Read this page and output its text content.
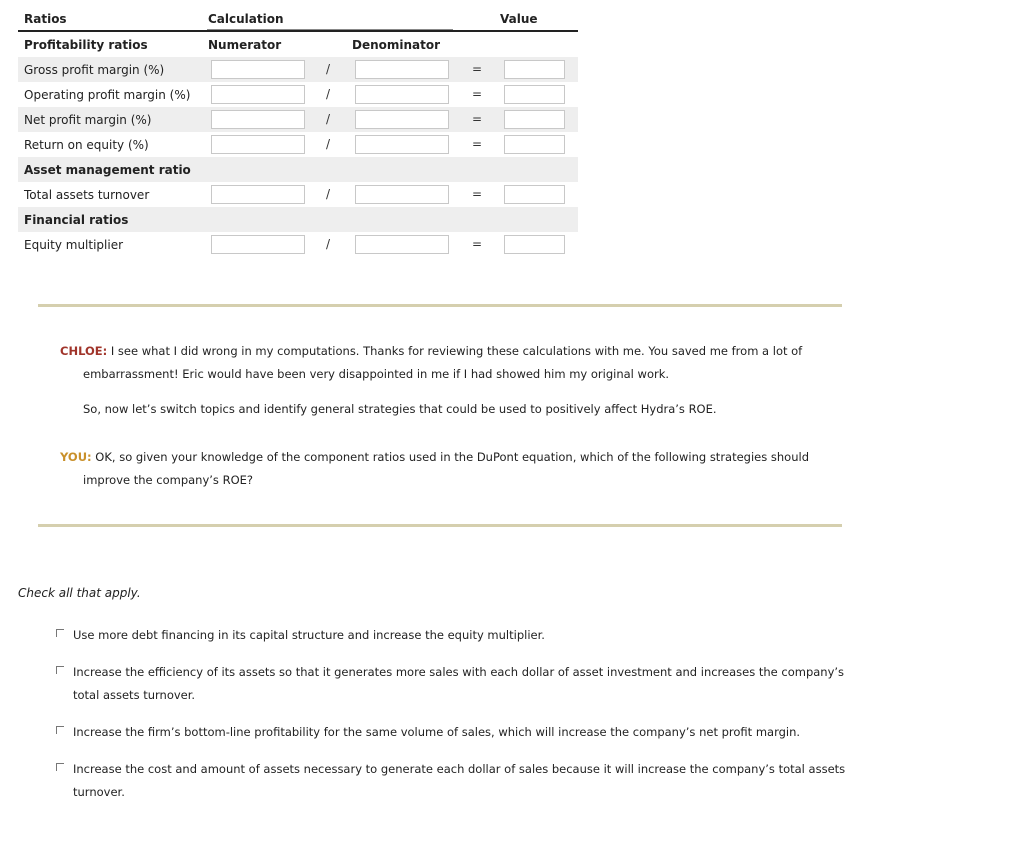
Ratios	Calculation	Value
Profitability ratios	Numerator	Denominator
Gross profit margin (%)	/	=
Operating profit margin (%)	/	=
Net profit margin (%)	/	=
Return on equity (%)	/	=
Asset management ratio
Total assets turnover	/	=
Financial ratios
Equity multiplier	/	=

CHLOE: I see what I did wrong in my computations. Thanks for reviewing these calculations with me. You saved me from a lot of

embarrassment! Eric would have been very disappointed in me if I had showed him my original work.

So, now let’s switch topics and identify general strategies that could be used to positively affect Hydra’s ROE.

YOU: OK, so given your knowledge of the component ratios used in the DuPont equation, which of the following strategies should

improve the company’s ROE?

Check all that apply.
Use more debt financing in its capital structure and increase the equity multiplier.
Increase the efficiency of its assets so that it generates more sales with each dollar of asset investment and increases the company’s
total assets turnover.
Increase the firm’s bottom-line profitability for the same volume of sales, which will increase the company’s net profit margin.
Increase the cost and amount of assets necessary to generate each dollar of sales because it will increase the company’s total assets
turnover.
